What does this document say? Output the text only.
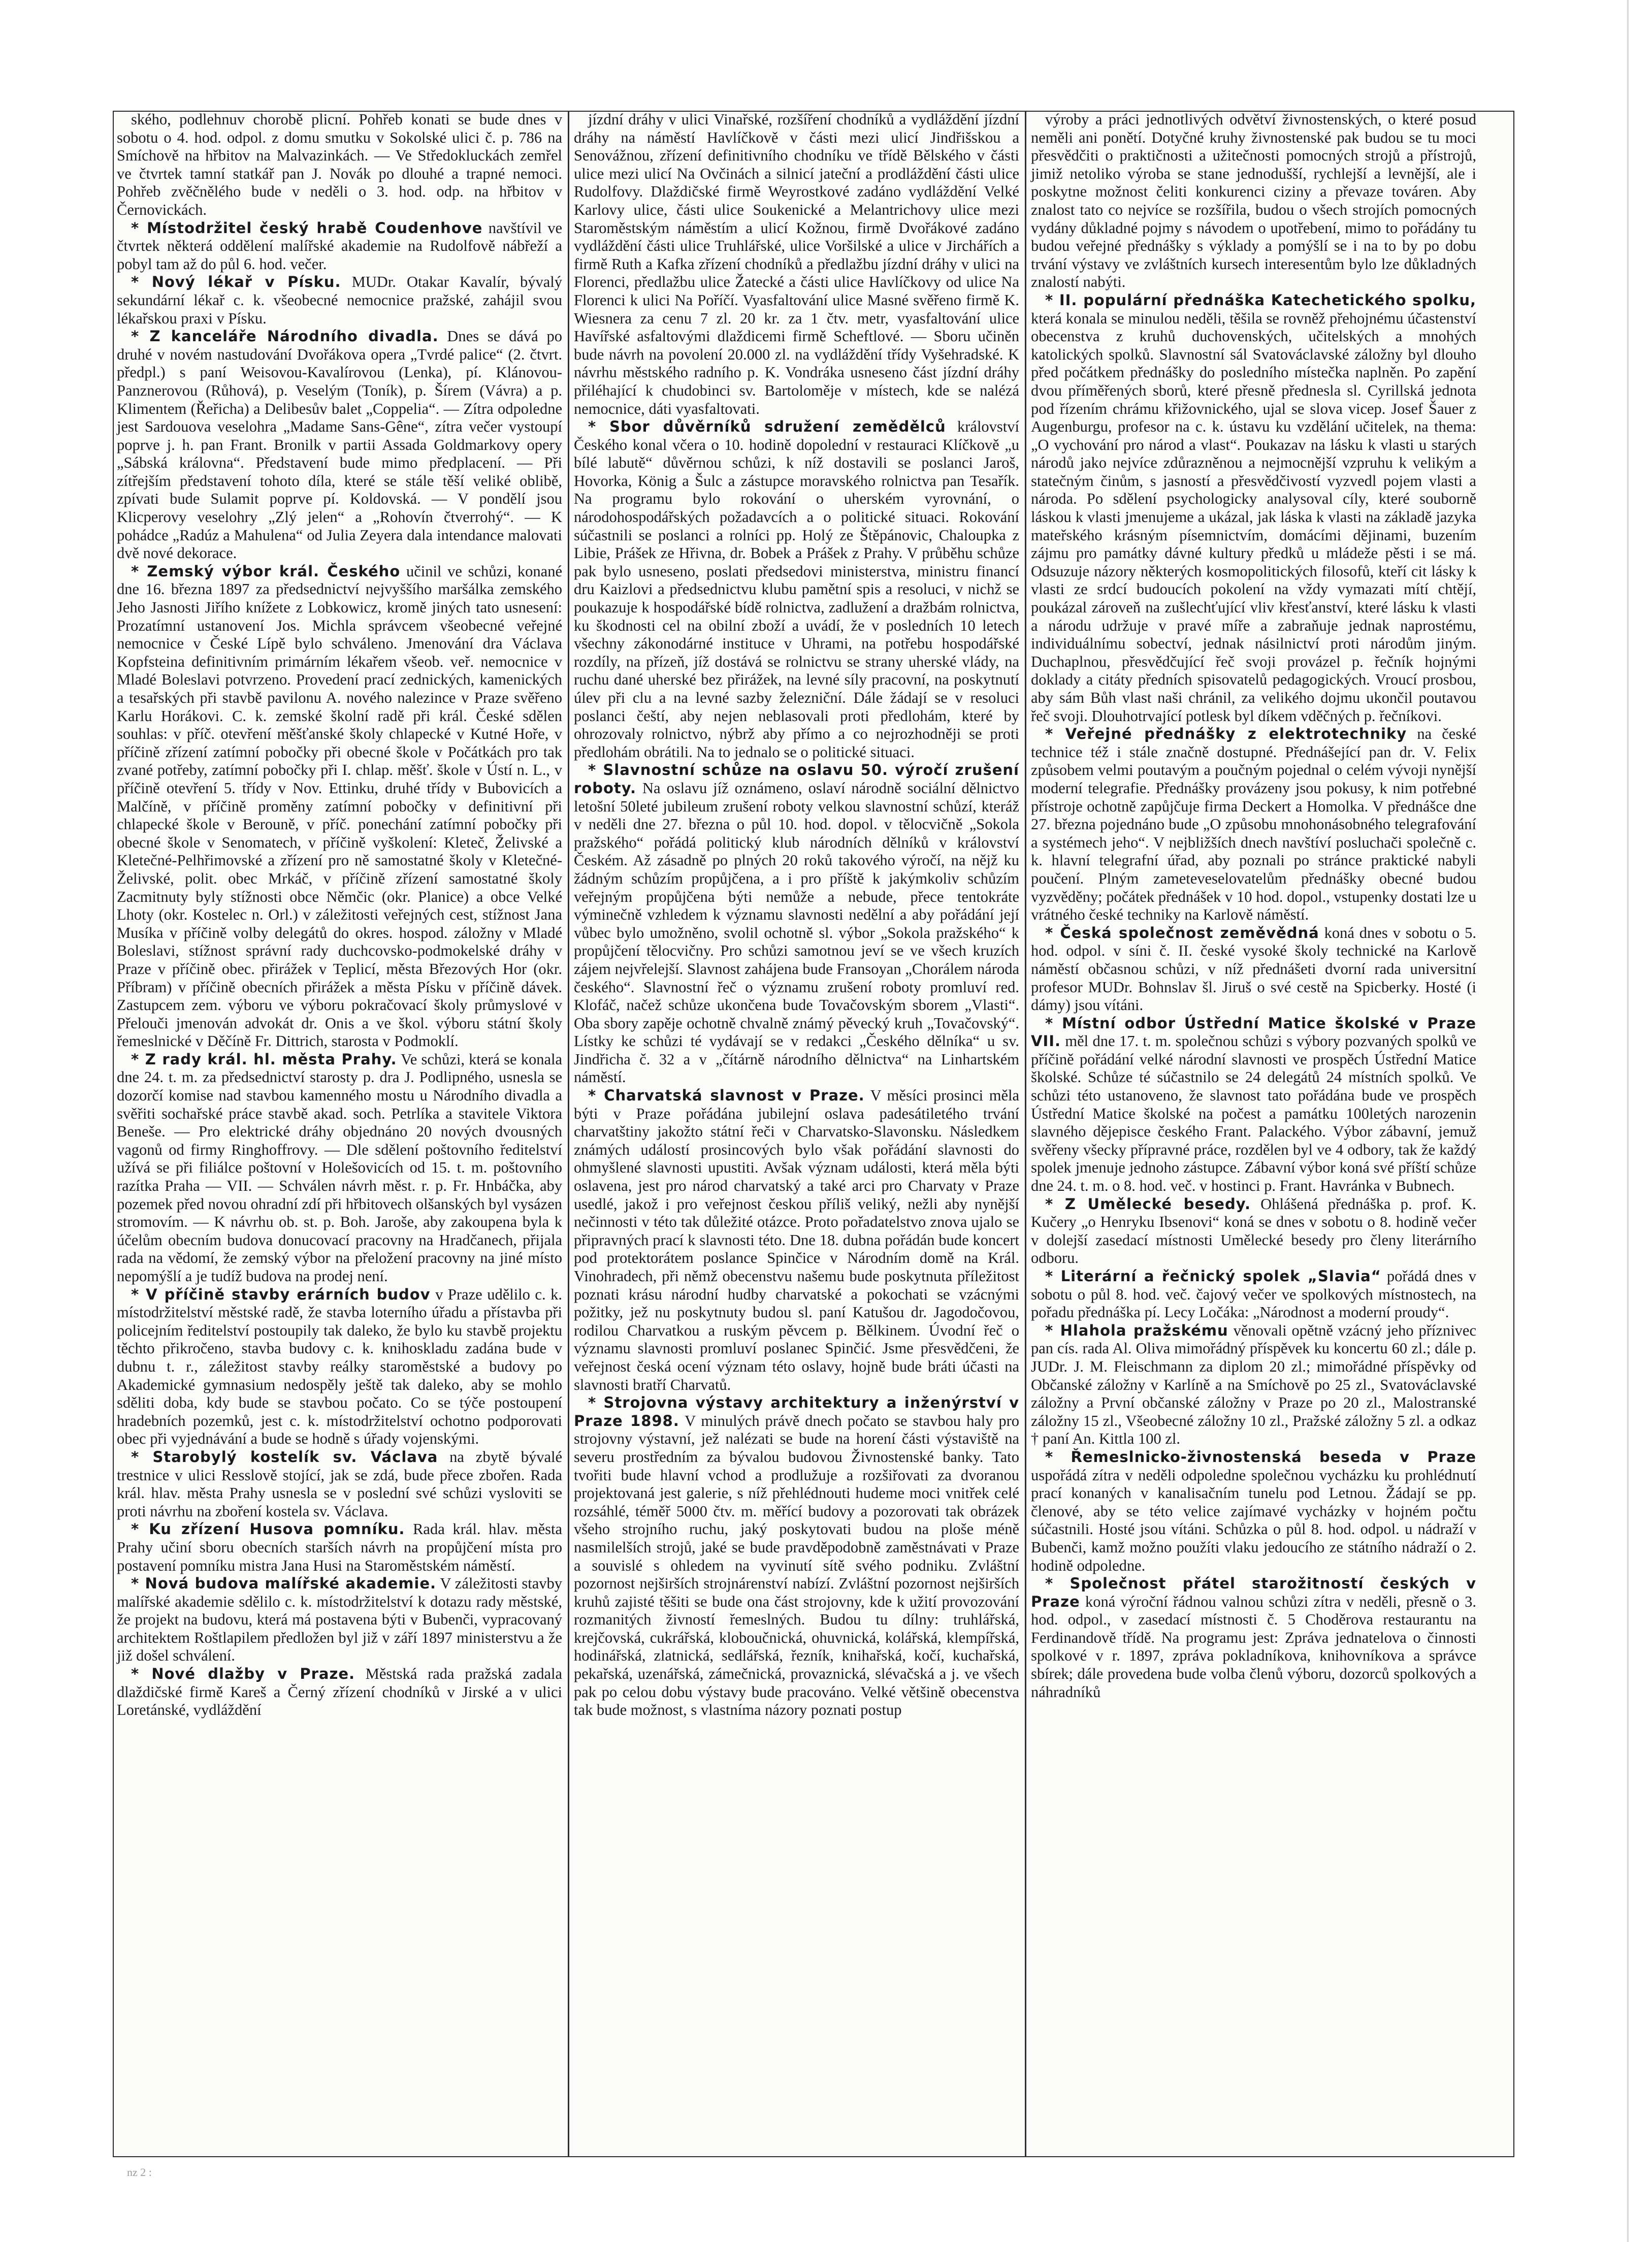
ského, podlehnuv chorobě plicní. Pohřeb konati se bude dnes v sobotu o 4. hod. odpol. z domu smutku v Sokolské ulici č. p. 786 na Smíchově na hřbitov na Malvazinkách. — Ve Středokluckách zemřel ve čtvrtek tamní statkář pan J. Novák po dlouhé a trapné nemoci. Pohřeb zvěčnělého bude v neděli o 3. hod. odp. na hřbitov v Černovickách.

* Místodržitel český hrabě Coudenhove navštívil ve čtvrtek některá oddělení malířské akademie na Rudolfově nábřeží a pobyl tam až do půl 6. hod. večer.

* Nový lékař v Písku. MUDr. Otakar Kavalír, bývalý sekundární lékař c. k. všeobecné nemocnice pražské, zahájil svou lékařskou praxi v Písku.

* Z kanceláře Národního divadla. Dnes se dává po druhé v novém nastudování Dvořákova opera „Tvrdé palice“ (2. čtvrt. předpl.) s paní Weisovou-Kavalírovou (Lenka), pí. Klánovou-Panznerovou (Růhová), p. Veselým (Toník), p. Šírem (Vávra) a p. Klimentem (Řeřicha) a Delibesův balet „Coppelia“. — Zítra odpoledne jest Sardouova veselohra „Madame Sans-Gêne“, zítra večer vystoupí poprve j. h. pan Frant. Bronilk v partii Assada Goldmarkovy opery „Sábská královna“. Představení bude mimo předplacení. — Při zítřejším představení tohoto díla, které se stále těší veliké oblibě, zpívati bude Sulamit poprve pí. Koldovská. — V pondělí jsou Klicperovy veselohry „Zlý jelen“ a „Rohovín čtverrohý“. — K pohádce „Radúz a Mahulena“ od Julia Zeyera dala intendance malovati dvě nové dekorace.

* Zemský výbor král. Českého učinil ve schůzi, konané dne 16. března 1897 za předsednictví nejvyššího maršálka zemského Jeho Jasnosti Jiřího knížete z Lobkowicz, kromě jiných tato usnesení: Prozatímní ustanovení Jos. Michla správcem všeobecné veřejné nemocnice v České Lípě bylo schváleno. Jmenování dra Václava Kopfsteina definitivním primárním lékařem všeob. veř. nemocnice v Mladé Boleslavi potvrzeno. Provedení prací zednických, kamenických a tesařských při stavbě pavilonu A. nového nalezince v Praze svěřeno Karlu Horákovi. C. k. zemské školní radě při král. České sdělen souhlas: v příč. otevření měšťanské školy chlapecké v Kutné Hoře, v příčině zřízení zatímní pobočky při obecné škole v Počátkách pro tak zvané potřeby, zatímní pobočky při I. chlap. měšť. škole v Ústí n. L., v příčině otevření 5. třídy v Nov. Ettinku, druhé třídy v Bubovicích a Malčíně, v příčině proměny zatímní pobočky v definitivní při chlapecké škole v Berouně, v příč. ponechání zatímní pobočky při obecné škole v Senomatech, v příčině vyškolení: Kleteč, Želivské a Kletečné-Pelhřimovské a zřízení pro ně samostatné školy v Kletečné-Želivské, polit. obec Mrkáč, v příčině zřízení samostatné školy Zacmitnuty byly stížnosti obce Němčic (okr. Planice) a obce Velké Lhoty (okr. Kostelec n. Orl.) v záležitosti veřejných cest, stížnost Jana Musíka v příčině volby delegátů do okres. hospod. záložny v Mladé Boleslavi, stížnost správní rady duchcovsko-podmokelské dráhy v Praze v příčině obec. přirážek v Teplicí, města Březových Hor (okr. Příbram) v příčině obecních přirážek a města Písku v příčině dávek. Zastupcem zem. výboru ve výboru pokračovací školy průmyslové v Přelouči jmenován advokát dr. Onis a ve škol. výboru státní školy řemeslnické v Děčíně Fr. Dittrich, starosta v Podmoklí.

* Z rady král. hl. města Prahy. Ve schůzi, která se konala dne 24. t. m. za předsednictví starosty p. dra J. Podlipného, usnesla se dozorčí komise nad stavbou kamenného mostu u Národního divadla a svěřiti sochařské práce stavbě akad. soch. Petrlíka a stavitele Viktora Beneše. — Pro elektrické dráhy objednáno 20 nových dvousných vagonů od firmy Ringhoffrovy. — Dle sdělení poštovního ředitelství užívá se při filiálce poštovní v Holešovicích od 15. t. m. poštovního razítka Praha — VII. — Schválen návrh měst. r. p. Fr. Hnbáčka, aby pozemek před novou ohradní zdí při hřbitovech olšanských byl vysázen stromovím. — K návrhu ob. st. p. Boh. Jaroše, aby zakoupena byla k účelům obecním budova donucovací pracovny na Hradčanech, přijala rada na vědomí, že zemský výbor na přeložení pracovny na jiné místo nepomýšlí a je tudíž budova na prodej není.

* V příčině stavby erárních budov v Praze udělilo c. k. místodržitelství městské radě, že stavba loterního úřadu a přístavba při policejním ředitelství postoupily tak daleko, že bylo ku stavbě projektu těchto přikročeno, stavba budovy c. k. knihoskladu zadána bude v dubnu t. r., záležitost stavby reálky staroměstské a budovy po Akademické gymnasium nedospěly ještě tak daleko, aby se mohlo sděliti doba, kdy bude se stavbou počato. Co se týče postoupení hradebních pozemků, jest c. k. místodržitelství ochotno podporovati obec při vyjednávání a bude se hodně s úřady vojenskými.

* Starobylý kostelík sv. Václava na zbytě bývalé trestnice v ulici Resslově stojící, jak se zdá, bude přece zbořen. Rada král. hlav. města Prahy usnesla se v poslední své schůzi vysloviti se proti návrhu na zboření kostela sv. Václava.

* Ku zřízení Husova pomníku. Rada král. hlav. města Prahy učiní sboru obecních starších návrh na propůjčení místa pro postavení pomníku mistra Jana Husi na Staroměstském náměstí.

* Nová budova malířské akademie. V záležitosti stavby malířské akademie sdělilo c. k. místodržitelství k dotazu rady městské, že projekt na budovu, která má postavena býti v Bubenči, vypracovaný architektem Roštlapilem předložen byl již v září 1897 ministerstvu a že již došel schválení.

* Nové dlažby v Praze. Městská rada pražská zadala dlaždičské firmě Kareš a Černý zřízení chodníků v Jirské a v ulici Loretánské, vydláždění

jízdní dráhy v ulici Vinařské, rozšíření chodníků a vydláždění jízdní dráhy na náměstí Havlíčkově v části mezi ulicí Jindřišskou a Senovážnou, zřízení definitivního chodníku ve třídě Bělského v části ulice mezi ulicí Na Ovčinách a silnicí jateční a prodláždění části ulice Rudolfovy. Dlaždičské firmě Weyrostkové zadáno vydláždění Velké Karlovy ulice, části ulice Soukenické a Melantrichovy ulice mezi Staroměstským náměstím a ulicí Kožnou, firmě Dvořákové zadáno vydláždění části ulice Truhlářské, ulice Voršilské a ulice v Jirchářích a firmě Ruth a Kafka zřízení chodníků a předlažbu jízdní dráhy v ulici na Florenci, předlažbu ulice Žatecké a části ulice Havlíčkovy od ulice Na Florenci k ulici Na Poříčí. Vyasfaltování ulice Masné svěřeno firmě K. Wiesnera za cenu 7 zl. 20 kr. za 1 čtv. metr, vyasfaltování ulice Havířské asfaltovými dlaždicemi firmě Scheftlové. — Sboru učiněn bude návrh na povolení 20.000 zl. na vydláždění třídy Vyšehradské. K návrhu městského radního p. K. Vondráka usneseno část jízdní dráhy přiléhající k chudobinci sv. Bartoloměje v místech, kde se nalézá nemocnice, dáti vyasfaltovati.

* Sbor důvěrníků sdružení zemědělců království Českého konal včera o 10. hodině dopolední v restauraci Klíčkově „u bílé labutě“ důvěrnou schůzi, k níž dostavili se poslanci Jaroš, Hovorka, König a Šulc a zástupce moravského rolnictva pan Tesařík. Na programu bylo rokování o uherském vyrovnání, o národohospodářských požadavcích a o politické situaci. Rokování súčastnili se poslanci a rolníci pp. Holý ze Štěpánovic, Chaloupka z Libie, Prášek ze Hřivna, dr. Bobek a Prášek z Prahy. V průběhu schůze pak bylo usneseno, poslati předsedovi ministerstva, ministru financí dru Kaizlovi a předsednictvu klubu pamětní spis a resoluci, v nichž se poukazuje k hospodářské bídě rolnictva, zadlužení a dražbám rolnictva, ku škodnosti cel na obilní zboží a uvádí, že v posledních 10 letech všechny zákonodárné instituce v Uhrami, na potřebu hospodářské rozdíly, na přízeň, jíž dostává se rolnictvu se strany uherské vlády, na ruchu dané uherské bez přirážek, na levné síly pracovní, na poskytnutí úlev při clu a na levné sazby železniční. Dále žádají se v resoluci poslanci čeští, aby nejen neblasovali proti předlohám, které by ohrozovaly rolnictvo, nýbrž aby přímo a co nejrozhodněji se proti předlohám obrátili. Na to jednalo se o politické situaci.

* Slavnostní schůze na oslavu 50. výročí zrušení roboty. Na oslavu jíž oznámeno, oslaví národně sociální dělnictvo letošní 50leté jubileum zrušení roboty velkou slavnostní schůzí, kteráž v neděli dne 27. března o půl 10. hod. dopol. v tělocvičně „Sokola pražského“ pořádá politický klub národních dělníků v království Českém. Až zásadně po plných 20 roků takového výročí, na nějž ku žádným schůzím propůjčena, a i pro příště k jakýmkoliv schůzím veřejným propůjčena býti nemůže a nebude, přece tentokráte výminečně vzhledem k významu slavnosti nedělní a aby pořádání její vůbec bylo umožněno, svolil ochotně sl. výbor „Sokola pražského“ k propůjčení tělocvičny. Pro schůzi samotnou jeví se ve všech kruzích zájem nejvřelejší. Slavnost zahájena bude Fransoyan „Chorálem národa českého“. Slavnostní řeč o významu zrušení roboty promluví red. Klofáč, načež schůze ukončena bude Tovačovským sborem „Vlasti“. Oba sbory zapěje ochotně chvalně známý pěvecký kruh „Tovačovský“. Lístky ke schůzi té vydávají se v redakci „Českého dělníka“ u sv. Jindřicha č. 32 a v „čítárně národního dělnictva“ na Linhartském náměstí.

* Charvatská slavnost v Praze. V měsíci prosinci měla býti v Praze pořádána jubilejní oslava padesátiletého trvání charvatštiny jakožto státní řeči v Charvatsko-Slavonsku. Následkem známých událostí prosincových bylo však pořádání slavnosti do ohmyšlené slavnosti upustiti. Avšak význam události, která měla býti oslavena, jest pro národ charvatský a také arci pro Charvaty v Praze usedlé, jakož i pro veřejnost českou příliš veliký, nežli aby nynější nečinnosti v této tak důležité otázce. Proto pořadatelstvo znova ujalo se připravných prací k slavnosti této. Dne 18. dubna pořádán bude koncert pod protektorátem poslance Spinčice v Národním domě na Král. Vinohradech, při němž obecenstvu našemu bude poskytnuta příležitost poznati krásu národní hudby charvatské a pokochati se vzácnými požitky, jež nu poskytnuty budou sl. paní Katušou dr. Jagodočovou, rodilou Charvatkou a ruským pěvcem p. Bělkinem. Úvodní řeč o významu slavnosti promluví poslanec Spinčić. Jsme přesvědčeni, že veřejnost česká ocení význam této oslavy, hojně bude bráti účasti na slavnosti bratří Charvatů.

* Strojovna výstavy architektury a inženýrství v Praze 1898. V minulých právě dnech počato se stavbou haly pro strojovny výstavní, jež nalézati se bude na horení části výstaviště na severu prostředním za bývalou budovou Živnostenské banky. Tato tvořiti bude hlavní vchod a prodlužuje a rozšiřovati za dvoranou projektovaná jest galerie, s níž přehlédnouti hudeme moci vnitřek celé rozsáhlé, téměř 5000 čtv. m. měřící budovy a pozorovati tak obrázek všeho strojního ruchu, jaký poskytovati budou na ploše méně nasmilelších strojů, jaké se bude pravděpodobně zaměstnávati v Praze a souvislé s ohledem na vyvinutí sítě svého podniku. Zvláštní pozornost nejširších strojnárenství nabízí. Zvláštní pozornost nejširších kruhů zajisté těšiti se bude ona část strojovny, kde k užití provozování rozmanitých živností řemeslných. Budou tu dílny: truhlářská, krejčovská, cukrářská, kloboučnická, ohuvnická, kolářská, klempířská, hodinářská, zlatnická, sedlářská, řezník, knihařská, kočí, kuchařská, pekařská, uzenářská, zámečnická, provaznická, slévačská a j. ve všech pak po celou dobu výstavy bude pracováno. Velké většině obecenstva tak bude možnost, s vlastníma názory poznati postup

výroby a práci jednotlivých odvětví živnostenských, o které posud neměli ani ponětí. Dotyčné kruhy živnostenské pak budou se tu moci přesvědčiti o praktičnosti a užitečnosti pomocných strojů a přístrojů, jimiž netoliko výroba se stane jednodušší, rychlejší a levnější, ale i poskytne možnost čeliti konkurenci ciziny a převaze továren. Aby znalost tato co nejvíce se rozšířila, budou o všech strojích pomocných vydány důkladné pojmy s návodem o upotřebení, mimo to pořádány tu budou veřejné přednášky s výklady a pomýšlí se i na to by po dobu trvání výstavy ve zvláštních kursech interesentům bylo lze důkladných znalostí nabýti.

* II. populární přednáška Katechetického spolku, která konala se minulou neděli, těšila se rovněž přehojnému účastenství obecenstva z kruhů duchovenských, učitelských a mnohých katolických spolků. Slavnostní sál Svatováclavské záložny byl dlouho před počátkem přednášky do posledního místečka naplněn. Po zapění dvou příměřených sborů, které přesně přednesla sl. Cyrillská jednota pod řízením chrámu křižovnického, ujal se slova vicep. Josef Šauer z Augenburgu, profesor na c. k. ústavu ku vzdělání učitelek, na thema: „O vychování pro národ a vlast“. Poukazav na lásku k vlasti u starých národů jako nejvíce zdůrazněnou a nejmocnější vzpruhu k velikým a statečným činům, s jasností a přesvědčivostí vyzvedl pojem vlasti a národa. Po sdělení psychologicky analysoval cíly, které souborně láskou k vlasti jmenujeme a ukázal, jak láska k vlasti na základě jazyka mateřského krásným písemnictvím, domácími dějinami, buzením zájmu pro památky dávné kultury předků u mládeže pěsti i se má. Odsuzuje názory některých kosmopolitických filosofů, kteří cit lásky k vlasti ze srdcí budoucích pokolení na vždy vymazati mítí chtějí, poukázal zároveň na zušlechťující vliv křesťanství, které lásku k vlasti a národu udržuje v pravé míře a zabraňuje jednak naprostému, individuálnímu sobectví, jednak násilnictví proti národům jiným. Duchaplnou, přesvědčující řeč svoji provázel p. řečník hojnými doklady a citáty předních spisovatelů pedagogických. Vroucí prosbou, aby sám Bůh vlast naši chránil, za velikého dojmu ukončil poutavou řeč svoji. Dlouhotrvající potlesk byl díkem vděčných p. řečníkovi.

* Veřejné přednášky z elektrotechniky na české technice též i stále značně dostupné. Přednášející pan dr. V. Felix způsobem velmi poutavým a poučným pojednal o celém vývoji nynější moderní telegrafie. Přednášky provázeny jsou pokusy, k nim potřebné přístroje ochotně zapůjčuje firma Deckert a Homolka. V přednášce dne 27. března pojednáno bude „O způsobu mnohonásobného telegrafování a systémech jeho“. V nejbližších dnech navštíví posluchači společně c. k. hlavní telegrafní úřad, aby poznali po stránce praktické nabyli poučení. Plným zameteveselovatelům přednášky obecné budou vyzvěděny; počátek přednášek v 10 hod. dopol., vstupenky dostati lze u vrátného české techniky na Karlově náměstí.

* Česká společnost zeměvědná koná dnes v sobotu o 5. hod. odpol. v síni č. II. české vysoké školy technické na Karlově náměstí občasnou schůzi, v níž přednášeti dvorní rada universitní profesor MUDr. Bohnslav šl. Jiruš o své cestě na Spicberky. Hosté (i dámy) jsou vítáni.

* Místní odbor Ústřední Matice školské v Praze VII. měl dne 17. t. m. společnou schůzi s výbory pozvaných spolků ve příčině pořádání velké národní slavnosti ve prospěch Ústřední Matice školské. Schůze té súčastnilo se 24 delegátů 24 místních spolků. Ve schůzi této ustanoveno, že slavnost tato pořádána bude ve prospěch Ústřední Matice školské na počest a památku 100letých narozenin slavného dějepisce českého Frant. Palackého. Výbor zábavní, jemuž svěřeny všecky přípravné práce, rozdělen byl ve 4 odbory, tak že každý spolek jmenuje jednoho zástupce. Zábavní výbor koná své příští schůze dne 24. t. m. o 8. hod. več. v hostinci p. Frant. Havránka v Bubnech.

* Z Umělecké besedy. Ohlášená přednáška p. prof. K. Kučery „o Henryku Ibsenovi“ koná se dnes v sobotu o 8. hodině večer v dolejší zasedací místnosti Umělecké besedy pro členy literárního odboru.

* Literární a řečnický spolek „Slavia“ pořádá dnes v sobotu o půl 8. hod. več. čajový večer ve spolkových místnostech, na pořadu přednáška pí. Lecy Ločáka: „Národnost a moderní proudy“.

* Hlahola pražskému věnovali opětně vzácný jeho příznivec pan cís. rada Al. Oliva mimořádný příspěvek ku koncertu 60 zl.; dále p. JUDr. J. M. Fleischmann za diplom 20 zl.; mimořádné příspěvky od Občanské záložny v Karlíně a na Smíchově po 25 zl., Svatováclavské záložny a První občanské záložny v Praze po 20 zl., Malostranské záložny 15 zl., Všeobecné záložny 10 zl., Pražské záložny 5 zl. a odkaz † paní An. Kittla 100 zl.

* Řemeslnicko-živnostenská beseda v Praze uspořádá zítra v neděli odpoledne společnou vycházku ku prohlédnutí prací konaných v kanalisačním tunelu pod Letnou. Žádají se pp. členové, aby se této velice zajímavé vycházky v hojném počtu súčastnili. Hosté jsou vítáni. Schůzka o půl 8. hod. odpol. u nádraží v Bubenči, kamž možno použíti vlaku jedoucího ze státního nádraží o 2. hodině odpoledne.

* Společnost přátel starožitností českých v Praze koná výroční řádnou valnou schůzi zítra v neděli, přesně o 3. hod. odpol., v zasedací místnosti č. 5 Choděrova restaurantu na Ferdinandově třídě. Na programu jest: Zpráva jednatelova o činnosti spolkové v r. 1897, zpráva pokladníkova, knihovníkova a správce sbírek; dále provedena bude volba členů výboru, dozorců spolkových a náhradníků

nz 2 :
